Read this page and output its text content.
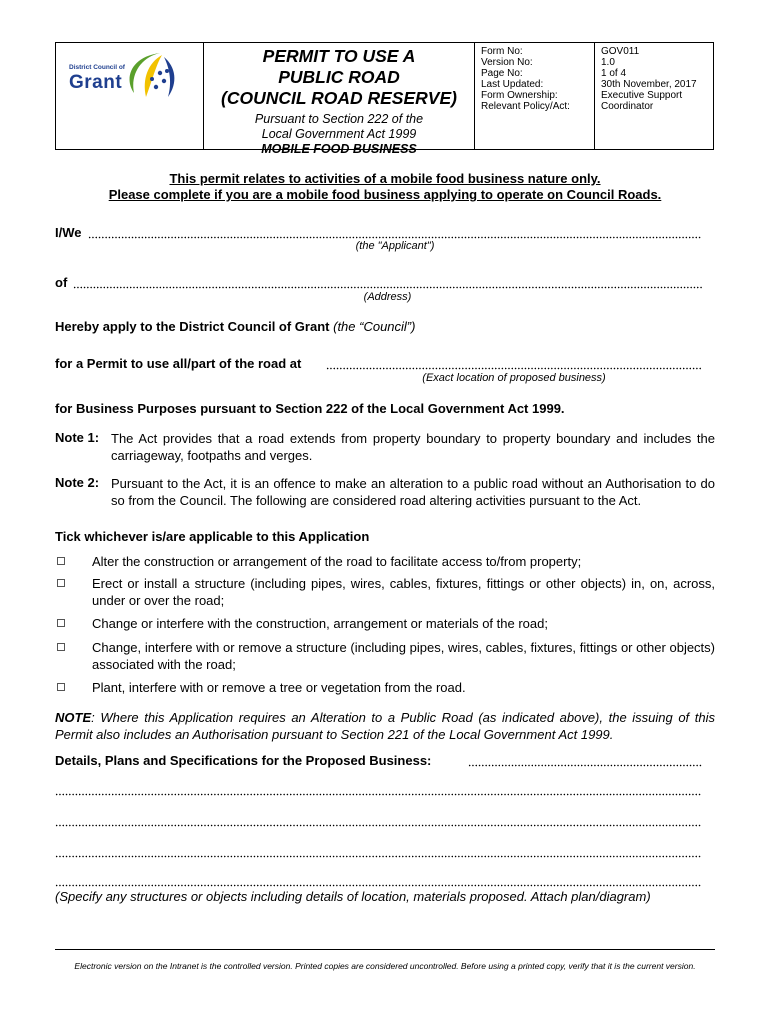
District Council of
Grant
PERMIT TO USE A
PUBLIC ROAD
(COUNCIL ROAD RESERVE)
Pursuant to Section 222 of the
Local Government Act 1999
MOBILE FOOD BUSINESS
Form No:
Version No:
Page No:
Last Updated:
Form Ownership:
Relevant Policy/Act:
GOV011
1.0
1 of 4
30th November, 2017
Executive Support Coordinator
This permit relates to activities of a mobile food business nature only.
Please complete if you are a mobile food business applying to operate on Council Roads.
I/We
(the "Applicant")
of
(Address)
Hereby apply to the District Council of Grant (the “Council”)
for a Permit to use all/part of the road at
(Exact location of proposed business)
for Business Purposes pursuant to Section 222 of the Local Government Act 1999.
Note 1: The Act provides that a road extends from property boundary to property boundary and includes the carriageway, footpaths and verges.
Note 2: Pursuant to the Act, it is an offence to make an alteration to a public road without an Authorisation to do so from the Council. The following are considered road altering activities pursuant to the Act.
Tick whichever is/are applicable to this Application
Alter the construction or arrangement of the road to facilitate access to/from property;
Erect or install a structure (including pipes, wires, cables, fixtures, fittings or other objects) in, on, across, under or over the road;
Change or interfere with the construction, arrangement or materials of the road;
Change, interfere with or remove a structure (including pipes, wires, cables, fixtures, fittings or other objects) associated with the road;
Plant, interfere with or remove a tree or vegetation from the road.
NOTE: Where this Application requires an Alteration to a Public Road (as indicated above), the issuing of this Permit also includes an Authorisation pursuant to Section 221 of the Local Government Act 1999.
Details, Plans and Specifications for the Proposed Business:
(Specify any structures or objects including details of location, materials proposed. Attach plan/diagram)
Electronic version on the Intranet is the controlled version. Printed copies are considered uncontrolled. Before using a printed copy, verify that it is the current version.
